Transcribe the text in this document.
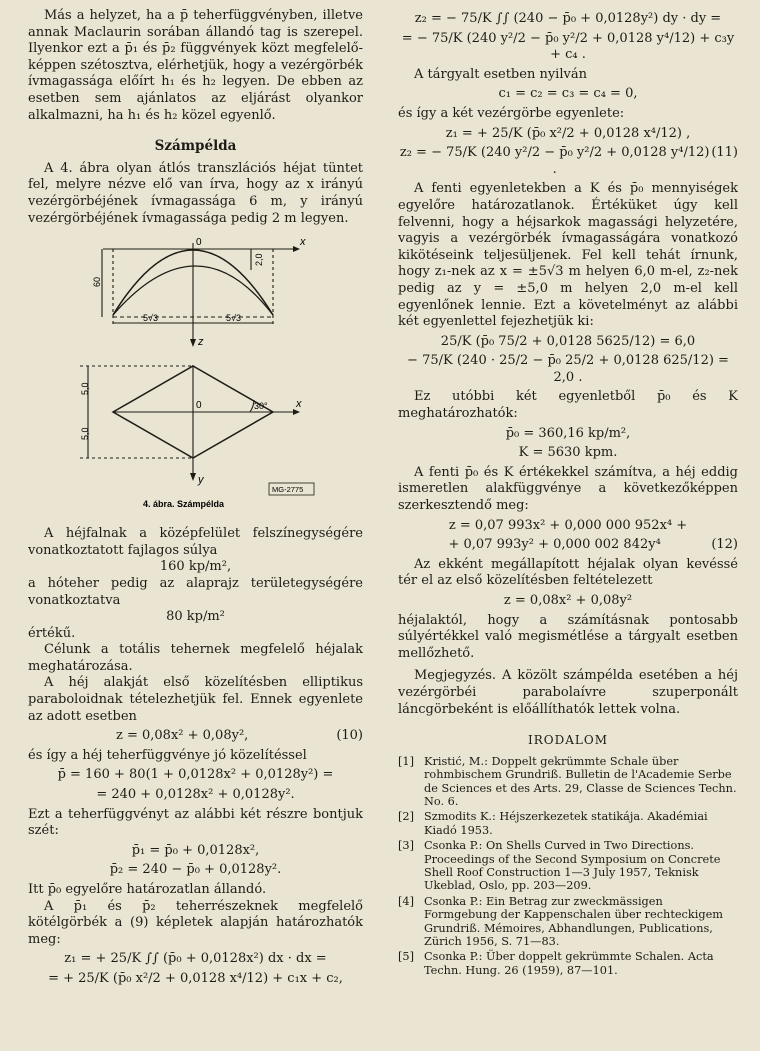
Más a helyzet, ha a p̄ teherfüggvényben, illetve annak Maclaurin sorában állandó tag is szerepel. Ilyenkor ezt a p̄₁ és p̄₂ függvények közt megfelelő-képpen szétosztva, elérhetjük, hogy a vezérgörbék ívmagassága előírt h₁ és h₂ legyen. De ebben az esetben sem ajánlatos az eljárást olyankor alkalmazni, ha h₁ és h₂ közel egyenlő.

Számpélda

A 4. ábra olyan átlós transzlációs héjat tüntet fel, melyre nézve elő van írva, hogy az x irányú vezérgörbéjének ívmagassága 6 m, y irányú vezérgörbéjének ívmagassága pedig 2 m legyen.

0	x
z
60
2,0
5√3	5√3
0	x
y
30°
5,0
5,0
MG-2775
4. ábra. Számpélda

A héjfalnak a középfelület felszínegységére vonatkoztatott fajlagos súlya

160 kp/m²,

a hóteher pedig az alaprajz területegységére vonatkoztatva

80 kp/m²

értékű.

Célunk a totális tehernek megfelelő héjalak meghatározása.

A héj alakját első közelítésben elliptikus paraboloidnak tételezhetjük fel. Ennek egyenlete az adott esetben

z = 0,08x² + 0,08y²,	(10)

és így a héj teherfüggvénye jó közelítéssel

p̄ = 160 + 80(1 + 0,0128x² + 0,0128y²) =

= 240 + 0,0128x² + 0,0128y².

Ezt a teherfüggvényt az alábbi két részre bontjuk szét:

p̄₁ = p̄₀ + 0,0128x²,

p̄₂ = 240 − p̄₀ + 0,0128y².

Itt p̄₀ egyelőre határozatlan állandó.

A p̄₁ és p̄₂ teherrészeknek megfelelő kötélgörbék a (9) képletek alapján határozhatók meg:

z₁ = + 25/K ∫∫ (p̄₀ + 0,0128x²) dx · dx =

= + 25/K (p̄₀ x²/2 + 0,0128 x⁴/12) + c₁x + c₂,

z₂ = − 75/K ∫∫ (240 − p̄₀ + 0,0128y²) dy · dy =

= − 75/K (240 y²/2 − p̄₀ y²/2 + 0,0128 y⁴/12) + c₃y + c₄ .

A tárgyalt esetben nyilván

c₁ = c₂ = c₃ = c₄ = 0,

és így a két vezérgörbe egyenlete:

z₁ = + 25/K (p̄₀ x²/2 + 0,0128 x⁴/12) ,

z₂ = − 75/K (240 y²/2 − p̄₀ y²/2 + 0,0128 y⁴/12) .
(11)

A fenti egyenletekben a K és p̄₀ mennyiségek egyelőre határozatlanok. Értéküket úgy kell felvenni, hogy a héjsarkok magassági helyzetére, vagyis a vezérgörbék ívmagasságára vonatkozó kikötéseink teljesüljenek. Fel kell tehát írnunk, hogy z₁-nek az x = ±5√3 m helyen 6,0 m-el, z₂-nek pedig az y = ±5,0 m helyen 2,0 m-el kell egyenlőnek lennie. Ezt a követelményt az alábbi két egyenlettel fejezhetjük ki:

25/K (p̄₀ 75/2 + 0,0128 5625/12) = 6,0

− 75/K (240 · 25/2 − p̄₀ 25/2 + 0,0128 625/12) = 2,0 .

Ez utóbbi két egyenletből p̄₀ és K meghatározhatók:

p̄₀ = 360,16 kp/m²,

K = 5630 kpm.

A fenti p̄₀ és K értékekkel számítva, a héj eddig ismeretlen alakfüggvénye a következőképpen szerkesztendő meg:

z = 0,07 993x² + 0,000 000 952x⁴ +

+ 0,07 993y² + 0,000 002 842y⁴	(12)

Az ekként megállapított héjalak olyan kevéssé tér el az első közelítésben feltételezett

z = 0,08x² + 0,08y²

héjalaktól, hogy a számításnak pontosabb súlyértékkel való megismétlése a tárgyalt esetben mellőzhető.

Megjegyzés. A közölt számpélda esetében a héj vezérgörbéi parabolaívre szuperponált láncgörbeként is előállíthatók lettek volna.

IRODALOM
[1] Kristić, M.: Doppelt gekrümmte Schale über rohmbischem Grundriß. Bulletin de l'Academie Serbe de Sciences et des Arts. 29, Classe de Sciences Techn. No. 6.
[2] Szmodits K.: Héjszerkezetek statikája. Akadémiai Kiadó 1953.
[3] Csonka P.: On Shells Curved in Two Directions. Proceedings of the Second Symposium on Concrete Shell Roof Construction 1—3 July 1957, Teknisk Ukeblad, Oslo, pp. 203—209.
[4] Csonka P.: Ein Betrag zur zweckmässigen Formgebung der Kappenschalen über rechteckigem Grundriß. Mémoires, Abhandlungen, Publications, Zürich 1956, S. 71—83.
[5] Csonka P.: Über doppelt gekrümmte Schalen. Acta Techn. Hung. 26 (1959), 87—101.
